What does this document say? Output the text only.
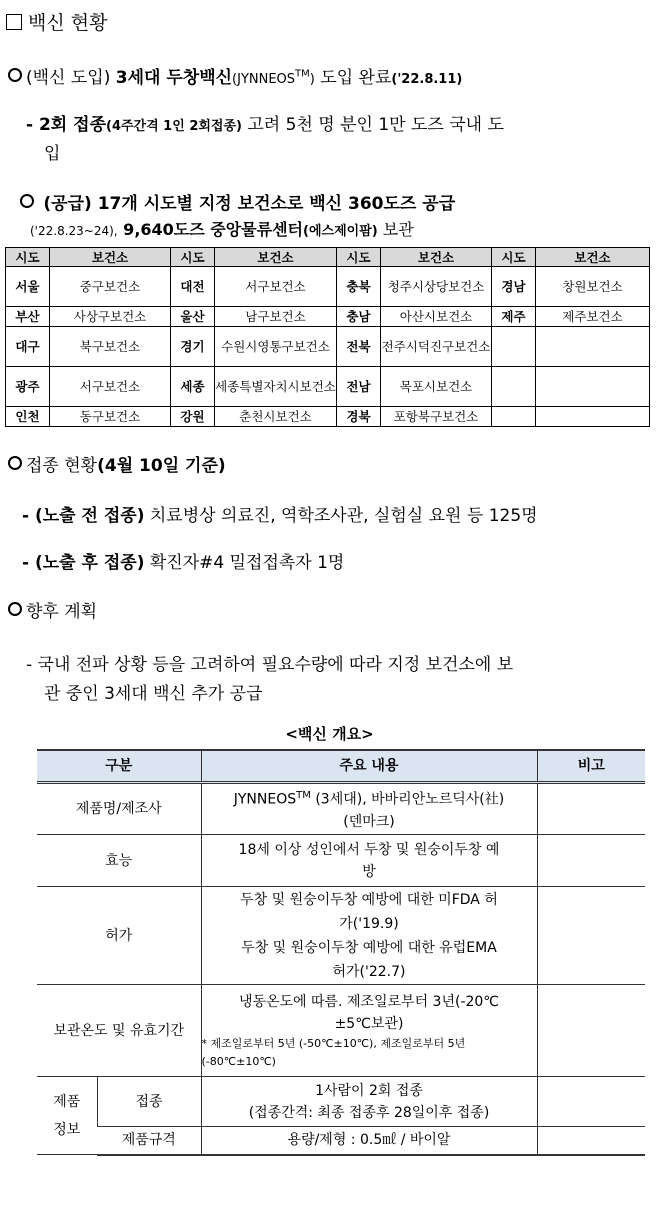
백신 현황
(백신 도입) 3세대 두창백신(JYNNEOS™) 도입 완료('22.8.11)
- 2회 접종(4주간격 1인 2회접종) 고려 5천 명 분인 1만 도즈 국내 도
입
(공급) 17개 시도별 지정 보건소로 백신 360도즈 공급
('22.8.23~24), 9,640도즈 중앙물류센터(에스제이팜) 보관
시도	보건소	시도	보건소	시도	보건소	시도	보건소
서울	중구보건소	대전	서구보건소	충북	청주시상당보건소	경남	창원보건소
부산	사상구보건소	울산	남구보건소	충남	아산시보건소	제주	제주보건소
대구	북구보건소	경기	수원시영통구보건소	전북	전주시덕진구보건소		
광주	서구보건소	세종	세종특별자치시보건소	전남	목포시보건소		
인천	동구보건소	강원	춘천시보건소	경북	포항북구보건소		
접종 현황(4월 10일 기준)
- (노출 전 접종) 치료병상 의료진, 역학조사관, 실험실 요원 등 125명
- (노출 후 접종) 확진자#4 밀접접촉자 1명
향후 계획
- 국내 전파 상황 등을 고려하여 필요수량에 따라 지정 보건소에 보
관 중인 3세대 백신 추가 공급
<백신 개요>
구분		주요 내용	비고
제품명/제조사		JYNNEOS™ (3세대), 바바리안노르딕사(社)
(덴마크)	
효능		18세 이상 성인에서 두창 및 원숭이두창 예
방	
허가		두창 및 원숭이두창 예방에 대한 미FDA 허
가('19.9)
두창 및 원숭이두창 예방에 대한 유럽EMA
허가('22.7)	
보관온도 및 유효기간		냉동온도에 따름. 제조일로부터 3년(-20℃
±5℃보관)
* 제조일로부터 5년 (-50℃±10℃), 제조일로부터 5년
(-80℃±10℃)	

제품
정보	접종	1사람이 2회 접종
(접종간격: 최종 접종후 28일이후 접종)	
	제품규격	용량/제형 : 0.5㎖ / 바이알	
